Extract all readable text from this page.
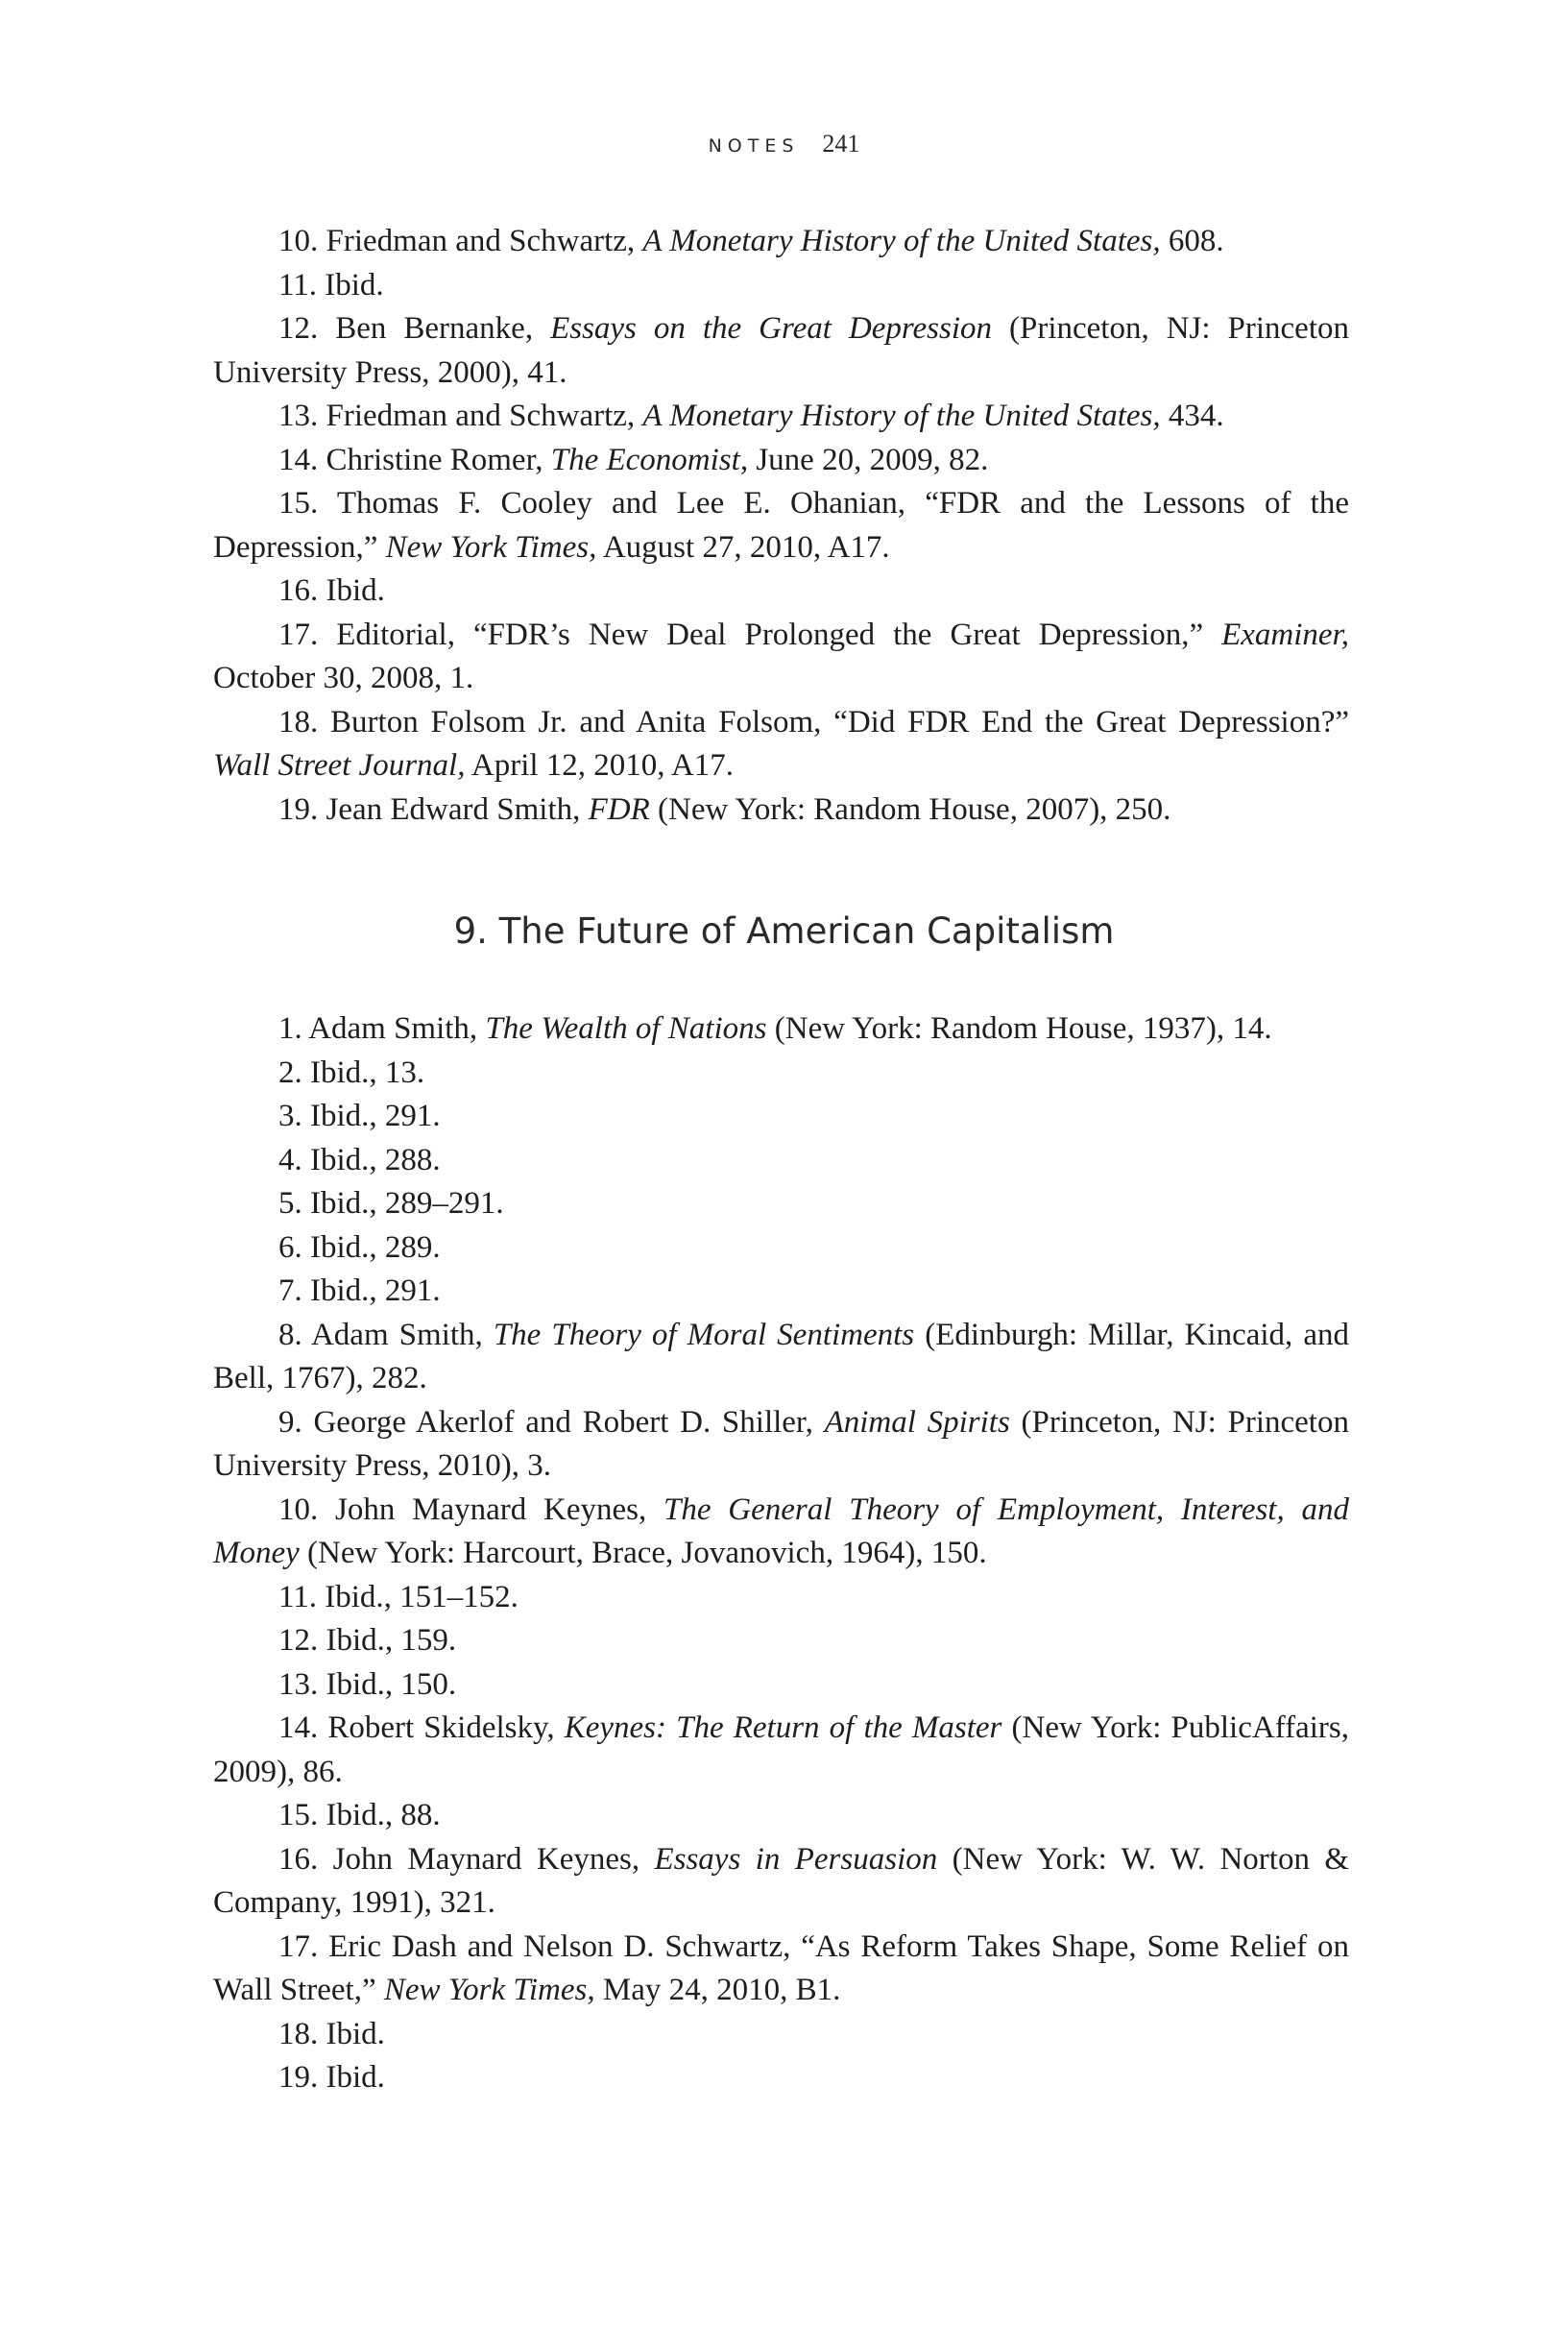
NOTES 241

10. Friedman and Schwartz, A Monetary History of the United States, 608.

11. Ibid.

12. Ben Bernanke, Essays on the Great Depression (Princeton, NJ: Princeton University Press, 2000), 41.

13. Friedman and Schwartz, A Monetary History of the United States, 434.

14. Christine Romer, The Economist, June 20, 2009, 82.

15. Thomas F. Cooley and Lee E. Ohanian, “FDR and the Lessons of the Depression,” New York Times, August 27, 2010, A17.

16. Ibid.

17. Editorial, “FDR’s New Deal Prolonged the Great Depression,” Examiner, October 30, 2008, 1.

18. Burton Folsom Jr. and Anita Folsom, “Did FDR End the Great Depression?” Wall Street Journal, April 12, 2010, A17.

19. Jean Edward Smith, FDR (New York: Random House, 2007), 250.

9. The Future of American Capitalism

1. Adam Smith, The Wealth of Nations (New York: Random House, 1937), 14.

2. Ibid., 13.

3. Ibid., 291.

4. Ibid., 288.

5. Ibid., 289–291.

6. Ibid., 289.

7. Ibid., 291.

8. Adam Smith, The Theory of Moral Sentiments (Edinburgh: Millar, Kincaid, and Bell, 1767), 282.

9. George Akerlof and Robert D. Shiller, Animal Spirits (Princeton, NJ: Princeton University Press, 2010), 3.

10. John Maynard Keynes, The General Theory of Employment, Interest, and Money (New York: Harcourt, Brace, Jovanovich, 1964), 150.

11. Ibid., 151–152.

12. Ibid., 159.

13. Ibid., 150.

14. Robert Skidelsky, Keynes: The Return of the Master (New York: PublicAffairs, 2009), 86.

15. Ibid., 88.

16. John Maynard Keynes, Essays in Persuasion (New York: W. W. Norton & Company, 1991), 321.

17. Eric Dash and Nelson D. Schwartz, “As Reform Takes Shape, Some Relief on Wall Street,” New York Times, May 24, 2010, B1.

18. Ibid.

19. Ibid.
